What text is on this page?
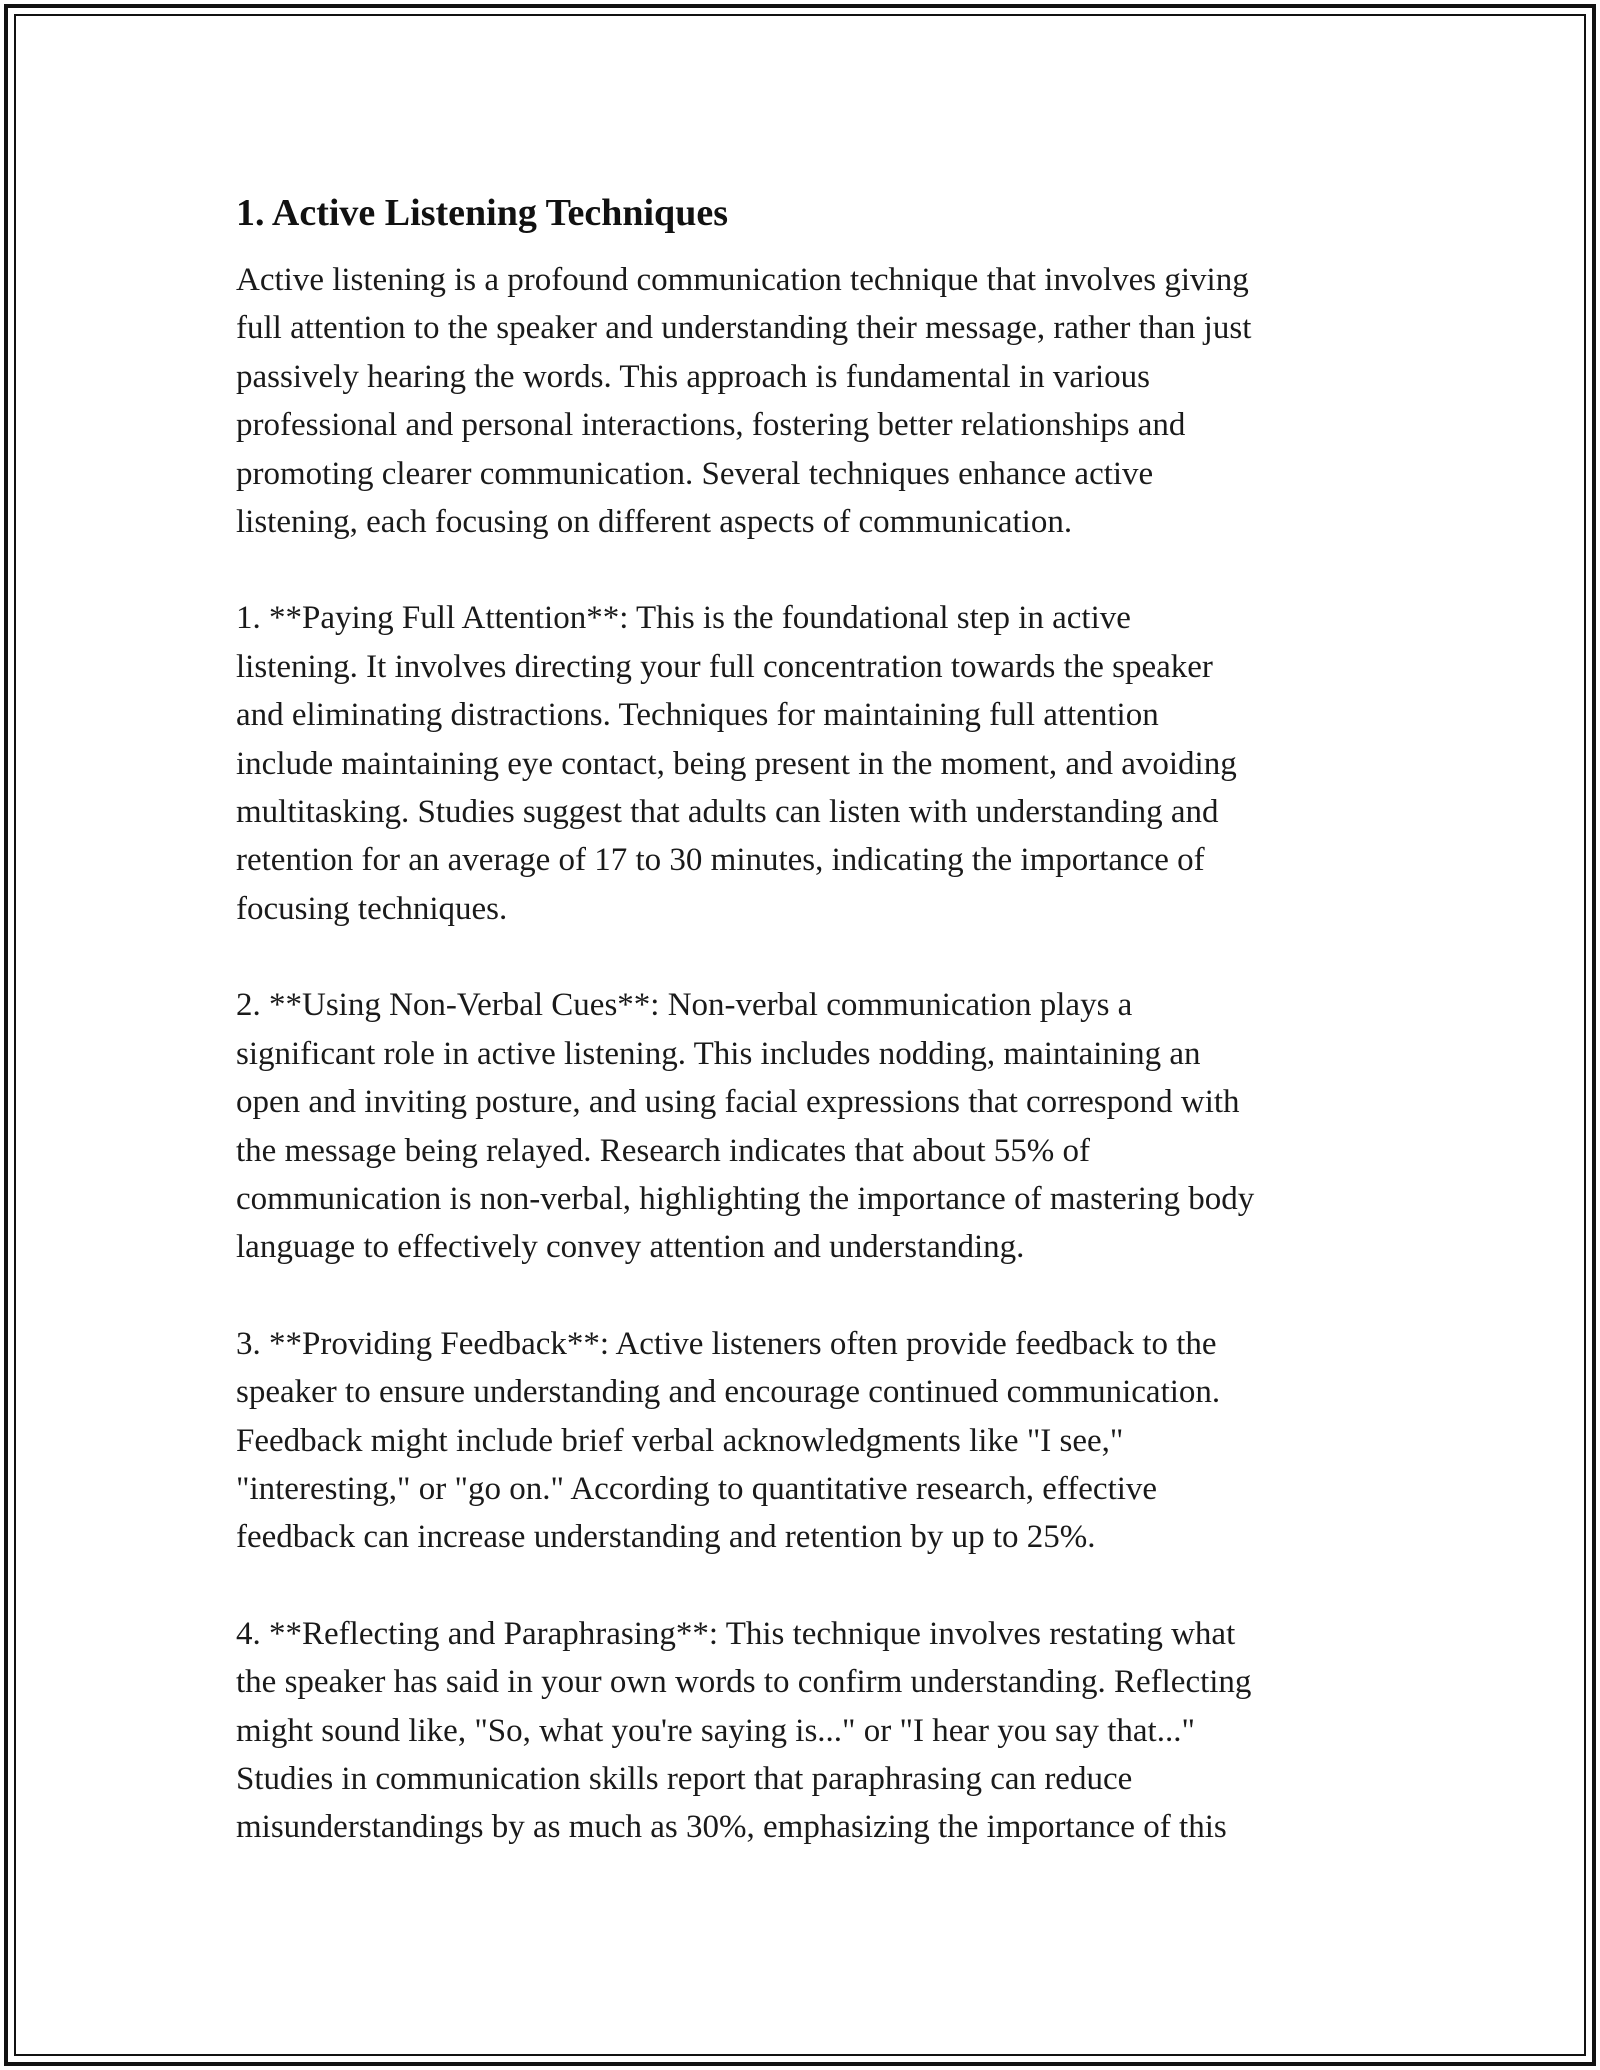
1. Active Listening Techniques

Active listening is a profound communication technique that involves giving
full attention to the speaker and understanding their message, rather than just
passively hearing the words. This approach is fundamental in various
professional and personal interactions, fostering better relationships and
promoting clearer communication. Several techniques enhance active
listening, each focusing on different aspects of communication.

1. **Paying Full Attention**: This is the foundational step in active
listening. It involves directing your full concentration towards the speaker
and eliminating distractions. Techniques for maintaining full attention
include maintaining eye contact, being present in the moment, and avoiding
multitasking. Studies suggest that adults can listen with understanding and
retention for an average of 17 to 30 minutes, indicating the importance of
focusing techniques.

2. **Using Non-Verbal Cues**: Non-verbal communication plays a
significant role in active listening. This includes nodding, maintaining an
open and inviting posture, and using facial expressions that correspond with
the message being relayed. Research indicates that about 55% of
communication is non-verbal, highlighting the importance of mastering body
language to effectively convey attention and understanding.

3. **Providing Feedback**: Active listeners often provide feedback to the
speaker to ensure understanding and encourage continued communication.
Feedback might include brief verbal acknowledgments like "I see,"
"interesting," or "go on." According to quantitative research, effective
feedback can increase understanding and retention by up to 25%.

4. **Reflecting and Paraphrasing**: This technique involves restating what
the speaker has said in your own words to confirm understanding. Reflecting
might sound like, "So, what you're saying is..." or "I hear you say that..."
Studies in communication skills report that paraphrasing can reduce
misunderstandings by as much as 30%, emphasizing the importance of this
